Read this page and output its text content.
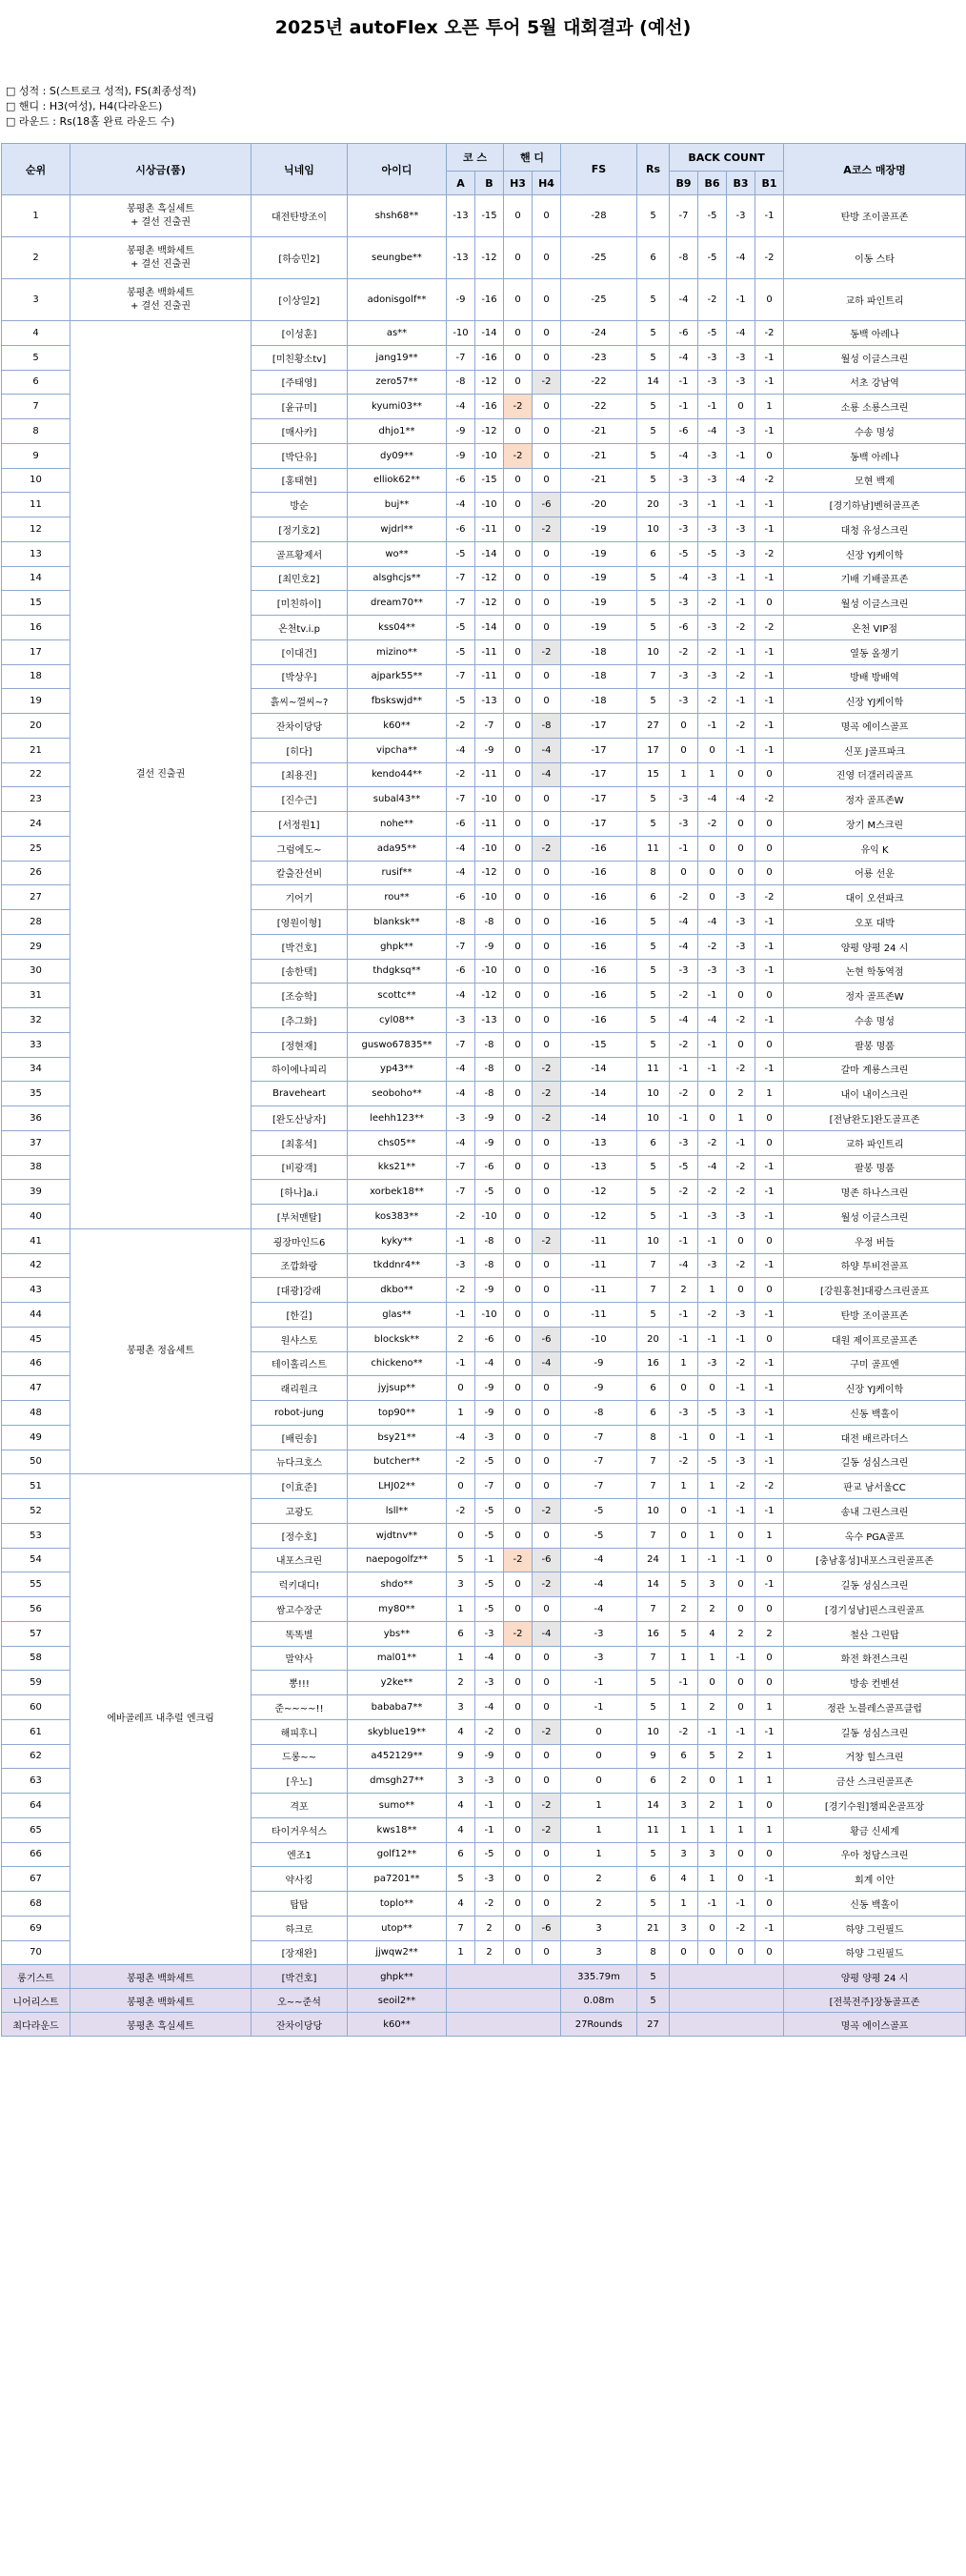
2025년 autoFlex 오픈 투어 5월 대회결과 (예선)
□ 성적 : S(스트로크 성적), FS(최종성적)
□ 핸디 : H3(여성), H4(다라운드)
□ 라운드 : Rs(18홀 완료 라운드 수)
순위	시상금(품)	닉네임	아이디	코 스		핸 디		FS	Rs	BACK COUNT				A코스 매장명
				A	B	H3	H4			B9	B6	B3	B1	
1	봉평촌 흑실세트
+ 결선 진출권	대전탄방조이	shsh68**	-13	-15	0	0	-28	5	-7	-5	-3	-1	탄방 조이골프존
2	봉평촌 백화세트
+ 결선 진출권	[하승민2]	seungbe**	-13	-12	0	0	-25	6	-8	-5	-4	-2	이동 스타
3	봉평촌 백화세트
+ 결선 진출권	[이상일2]	adonisgolf**	-9	-16	0	0	-25	5	-4	-2	-1	0	교하 파인트리
4	결선 진출권	[이성훈]	as**	-10	-14	0	0	-24	5	-6	-5	-4	-2	동백 아레나
5		[미친황소tv]	jang19**	-7	-16	0	0	-23	5	-4	-3	-3	-1	월성 이글스크린
6		[주태영]	zero57**	-8	-12	0	-2	-22	14	-1	-3	-3	-1	서초 강남역
7		[윤규미]	kyumi03**	-4	-16	-2	0	-22	5	-1	-1	0	1	소룡 소룡스크린
8		[매사카]	dhjo1**	-9	-12	0	0	-21	5	-6	-4	-3	-1	수송 명성
9		[박단유]	dy09**	-9	-10	-2	0	-21	5	-4	-3	-1	0	동백 아레나
10		[홍태현]	elliok62**	-6	-15	0	0	-21	5	-3	-3	-4	-2	모현 백제
11		방순	buj**	-4	-10	0	-6	-20	20	-3	-1	-1	-1	[경기하남]벤허골프존
12		[정기호2]	wjdrl**	-6	-11	0	-2	-19	10	-3	-3	-3	-1	대청 유성스크린
13		골프황제서	wo**	-5	-14	0	0	-19	6	-5	-5	-3	-2	신장 YJ케이학
14		[최민호2]	alsghcjs**	-7	-12	0	0	-19	5	-4	-3	-1	-1	기배 기배골프존
15		[미친하이]	dream70**	-7	-12	0	0	-19	5	-3	-2	-1	0	월성 이글스크린
16		온천tv.i.p	kss04**	-5	-14	0	0	-19	5	-6	-3	-2	-2	온천 VIP점
17		[이대건]	mizino**	-5	-11	0	-2	-18	10	-2	-2	-1	-1	열동 올챙기
18		[박상우]	ajpark55**	-7	-11	0	0	-18	7	-3	-3	-2	-1	방배 방배역
19		흙씨~껄씨~?	fbskswjd**	-5	-13	0	0	-18	5	-3	-2	-1	-1	신장 YJ케이학
20		잔차이당당	k60**	-2	-7	0	-8	-17	27	0	-1	-2	-1	명곡 에이스골프
21		[히다]	vipcha**	-4	-9	0	-4	-17	17	0	0	-1	-1	신포 J골프파크
22		[최용진]	kendo44**	-2	-11	0	-4	-17	15	1	1	0	0	진영 더갤러리골프
23		[진수근]	subal43**	-7	-10	0	0	-17	5	-3	-4	-4	-2	정자 골프존W
24		[서정원1]	nohe**	-6	-11	0	0	-17	5	-3	-2	0	0	장기 M스크린
25		그럼에도~	ada95**	-4	-10	0	-2	-16	11	-1	0	0	0	유익 K
26		칼출잔선비	rusif**	-4	-12	0	0	-16	8	0	0	0	0	어룡 선운
27		기어기	rou**	-6	-10	0	0	-16	6	-2	0	-3	-2	대이 오션파크
28		[영원이형]	blanksk**	-8	-8	0	0	-16	5	-4	-4	-3	-1	오포 대박
29		[박건호]	ghpk**	-7	-9	0	0	-16	5	-4	-2	-3	-1	양평 양평 24 시
30		[송한택]	thdgksq**	-6	-10	0	0	-16	5	-3	-3	-3	-1	논현 학동역점
31		[조승학]	scottc**	-4	-12	0	0	-16	5	-2	-1	0	0	정자 골프존W
32		[추그화]	cyl08**	-3	-13	0	0	-16	5	-4	-4	-2	-1	수송 명성
33		[정현재]	guswo67835**	-7	-8	0	0	-15	5	-2	-1	0	0	팔봉 명품
34		하이에나피리	yp43**	-4	-8	0	-2	-14	11	-1	-1	-2	-1	갈마 계룡스크린
35		Braveheart	seoboho**	-4	-8	0	-2	-14	10	-2	0	2	1	내이 내이스크린
36		[완도산낭자]	leehh123**	-3	-9	0	-2	-14	10	-1	0	1	0	[전남완도]완도골프존
37		[최홍석]	chs05**	-4	-9	0	0	-13	6	-3	-2	-1	0	교하 파인트리
38		[비광객]	kks21**	-7	-6	0	0	-13	5	-5	-4	-2	-1	팔봉 명품
39		[하나]a.i	xorbek18**	-7	-5	0	0	-12	5	-2	-2	-2	-1	명존 하나스크린
40		[부처맨탈]	kos383**	-2	-10	0	0	-12	5	-1	-3	-3	-1	월성 이글스크린
41	봉평촌 정옵세트	굉장마인드6	kyky**	-1	-8	0	-2	-11	10	-1	-1	0	0	우정 버들
42		조깝화랑	tkddnr4**	-3	-8	0	0	-11	7	-4	-3	-2	-1	하양 투비전골프
43		[대광]강래	dkbo**	-2	-9	0	0	-11	7	2	1	0	0	[강원홍천]대광스크린골프
44		[한길]	glas**	-1	-10	0	0	-11	5	-1	-2	-3	-1	탄방 조이골프존
45		원샤스토	blocksk**	2	-6	0	-6	-10	20	-1	-1	-1	0	대원 제이프로골프존
46		테이홀리스트	chickeno**	-1	-4	0	-4	-9	16	1	-3	-2	-1	구미 골프엔
47		래리원크	jyjsup**	0	-9	0	0	-9	6	0	0	-1	-1	신장 YJ케이학
48		robot-jung	top90**	1	-9	0	0	-8	6	-3	-5	-3	-1	신동 백홀이
49		[배린송]	bsy21**	-4	-3	0	0	-7	8	-1	0	-1	-1	대전 배르라더스
50		뉴다크호스	butcher**	-2	-5	0	0	-7	7	-2	-5	-3	-1	길동 성심스크린
51	에바골레프 내추럴 엔크림	[이효준]	LHJ02**	0	-7	0	0	-7	7	1	1	-2	-2	판교 남서울CC
52		고광도	lsll**	-2	-5	0	-2	-5	10	0	-1	-1	-1	송내 그린스크린
53		[정수호]	wjdtnv**	0	-5	0	0	-5	7	0	1	0	1	옥수 PGA골프
54		내포스크린	naepogolfz**	5	-1	-2	-6	-4	24	1	-1	-1	0	[충남홍성]내포스크린골프존
55		럭키대디!	shdo**	3	-5	0	-2	-4	14	5	3	0	-1	길동 성심스크린
56		쌈고수장군	my80**	1	-5	0	0	-4	7	2	2	0	0	[경기성남]핀스크린골프
57		똑똑별	ybs**	6	-3	-2	-4	-3	16	5	4	2	2	철산 그린탑
58		말약사	mal01**	1	-4	0	0	-3	7	1	1	-1	0	화전 화전스크린
59		뽕!!!	y2ke**	2	-3	0	0	-1	5	-1	0	0	0	방송 컨벤션
60		준~~~~!!	bababa7**	3	-4	0	0	-1	5	1	2	0	1	정관 노블레스골프클럽
61		해피후니	skyblue19**	4	-2	0	-2	0	10	-2	-1	-1	-1	길동 성심스크린
62		드롱~~	a452129**	9	-9	0	0	0	9	6	5	2	1	거창 힐스크린
63		[우노]	dmsgh27**	3	-3	0	0	0	6	2	0	1	1	금산 스크린골프존
64		격포	sumo**	4	-1	0	-2	1	14	3	2	1	0	[경기수원]챔피온골프장
65		타이거우석스	kws18**	4	-1	0	-2	1	11	1	1	1	1	황금 신세계
66		엔조1	golf12**	6	-5	0	0	1	5	3	3	0	0	우아 청담스크린
67		약사킹	pa7201**	5	-3	0	0	2	6	4	1	0	-1	회계 이안
68		탑탑	toplo**	4	-2	0	0	2	5	1	-1	-1	0	신동 백홀이
69		하크로	utop**	7	2	0	-6	3	21	3	0	-2	-1	하양 그린필드
70		[장재완]	jjwqw2**	1	2	0	0	3	8	0	0	0	0	하양 그린필드
롱기스트	봉평촌 백화세트	[박건호]	ghpk**					335.79m	5					양평 양평 24 시
니어리스트	봉평촌 백화세트	오~~준석	seoil2**					0.08m	5					[전북전주]장동골프존
최다라운드	봉평촌 흑실세트	잔차이당당	k60**					27Rounds	27					명곡 에이스골프
